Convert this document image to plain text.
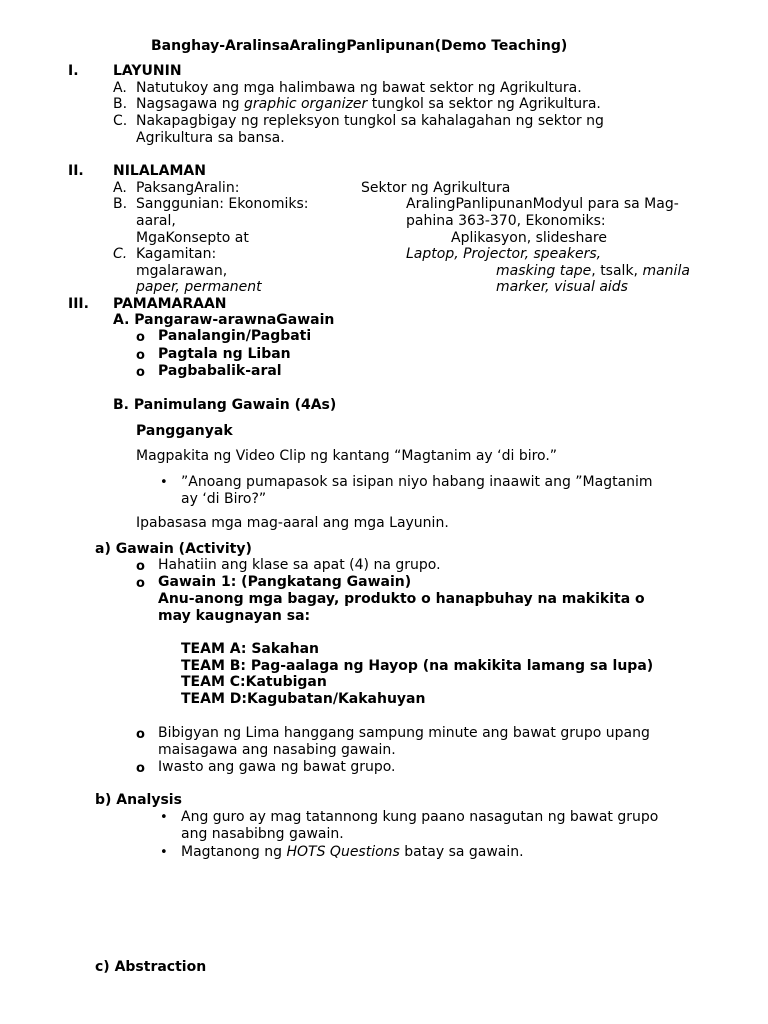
Banghay-AralinsaAralingPanlipunan(Demo Teaching)
I. LAYUNIN
A. Natutukoy ang mga halimbawa ng bawat sektor ng Agrikultura.
B. Nagsagawa ng graphic organizer tungkol sa sektor ng Agrikultura.
C. Nakapagbigay ng repleksyon tungkol sa kahalagahan ng sektor ng
Agrikultura sa bansa.
II. NILALAMAN
A. PaksangAralin:	Sektor ng Agrikultura
B. Sanggunian: Ekonomiks:	AralingPanlipunanModyul para sa Mag-
aaral,	pahina 363-370, Ekonomiks:
MgaKonsepto at	Aplikasyon, slideshare
C. Kagamitan:	Laptop, Projector, speakers,
mgalarawan,	masking tape, tsalk, manila
paper, permanent	marker, visual aids
III. PAMAMARAAN
A. Pangaraw-arawnaGawain
o Panalangin/Pagbati
o Pagtala ng Liban
o Pagbabalik-aral
B. Panimulang Gawain (4As)
Pangganyak
Magpakita ng Video Clip ng kantang “Magtanim ay ‘di biro.”
• ”Anoang pumapasok sa isipan niyo habang inaawit ang ”Magtanim
ay ‘di Biro?”
Ipabasasa mga mag-aaral ang mga Layunin.
a) Gawain (Activity)
o Hahatiin ang klase sa apat (4) na grupo.
o Gawain 1: (Pangkatang Gawain)
Anu-anong mga bagay, produkto o hanapbuhay na makikita o
may kaugnayan sa:
TEAM A: Sakahan
TEAM B: Pag-aalaga ng Hayop (na makikita lamang sa lupa)
TEAM C:Katubigan
TEAM D:Kagubatan/Kakahuyan
o Bibigyan ng Lima hanggang sampung minute ang bawat grupo upang
maisagawa ang nasabing gawain.
o Iwasto ang gawa ng bawat grupo.
b) Analysis
• Ang guro ay mag tatannong kung paano nasagutan ng bawat grupo
ang nasabibng gawain.
• Magtanong ng HOTS Questions batay sa gawain.
c) Abstraction
